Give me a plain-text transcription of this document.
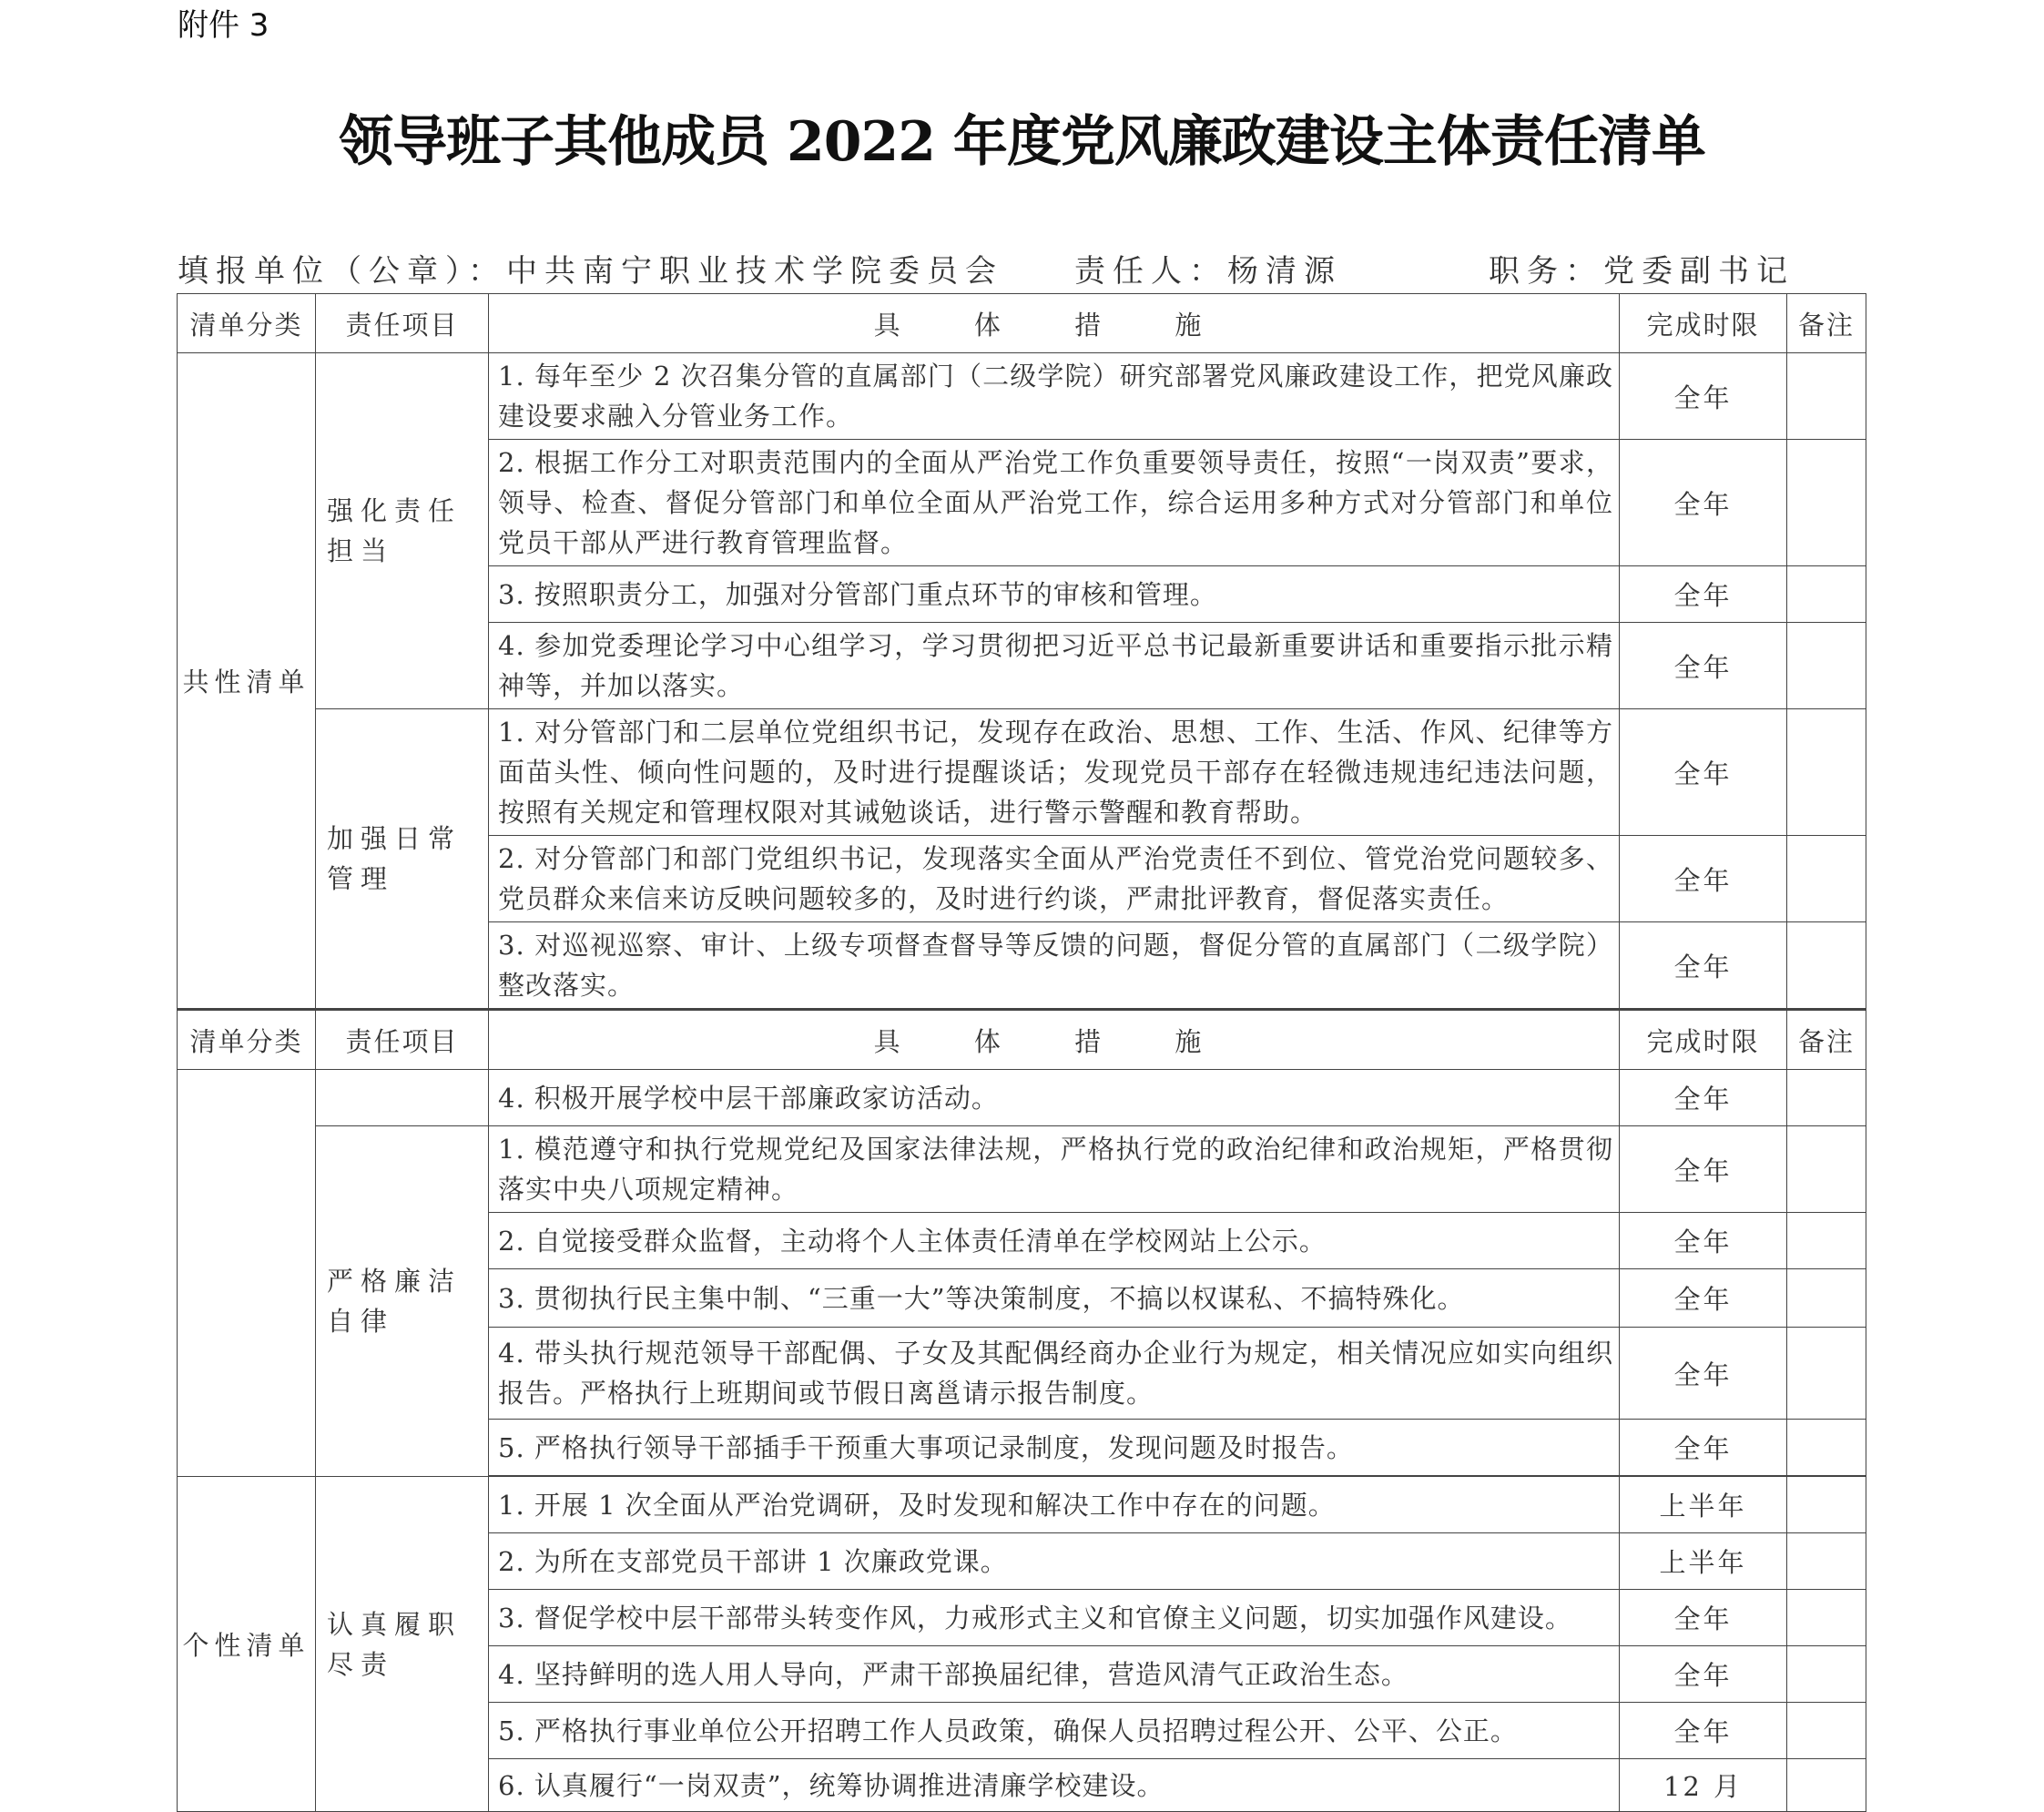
附件 3
领导班子其他成员 2022 年度党风廉政建设主体责任清单
填报单位（公章）：中共南宁职业技术学院委员会 责任人：杨清源	职务：党委副书记
清单分类	责任项目	具 体 措 施	完成时限	备注
共性清单	强化责任担当	1. 每年至少 2 次召集分管的直属部门（二级学院）研究部署党风廉政建设工作，把党风廉政建设要求融入分管业务工作。	全年	
		2. 根据工作分工对职责范围内的全面从严治党工作负重要领导责任，按照“一岗双责”要求，领导、检查、督促分管部门和单位全面从严治党工作，综合运用多种方式对分管部门和单位党员干部从严进行教育管理监督。	全年	
		3. 按照职责分工，加强对分管部门重点环节的审核和管理。	全年	
		4. 参加党委理论学习中心组学习，学习贯彻把习近平总书记最新重要讲话和重要指示批示精神等，并加以落实。	全年	
	加强日常管理	1. 对分管部门和二层单位党组织书记，发现存在政治、思想、工作、生活、作风、纪律等方面苗头性、倾向性问题的，及时进行提醒谈话；发现党员干部存在轻微违规违纪违法问题，按照有关规定和管理权限对其诫勉谈话，进行警示警醒和教育帮助。	全年	
		2. 对分管部门和部门党组织书记，发现落实全面从严治党责任不到位、管党治党问题较多、党员群众来信来访反映问题较多的，及时进行约谈，严肃批评教育，督促落实责任。	全年	
		3. 对巡视巡察、审计、上级专项督查督导等反馈的问题，督促分管的直属部门（二级学院）整改落实。	全年	
清单分类	责任项目	具 体 措 施	完成时限	备注
		4. 积极开展学校中层干部廉政家访活动。	全年	
	严格廉洁自律	1. 模范遵守和执行党规党纪及国家法律法规，严格执行党的政治纪律和政治规矩，严格贯彻落实中央八项规定精神。	全年	
		2. 自觉接受群众监督，主动将个人主体责任清单在学校网站上公示。	全年	
		3. 贯彻执行民主集中制、“三重一大”等决策制度，不搞以权谋私、不搞特殊化。	全年	
		4. 带头执行规范领导干部配偶、子女及其配偶经商办企业行为规定，相关情况应如实向组织报告。严格执行上班期间或节假日离邕请示报告制度。	全年	
		5. 严格执行领导干部插手干预重大事项记录制度，发现问题及时报告。	全年	

个性清单	认真履职尽责	1. 开展 1 次全面从严治党调研，及时发现和解决工作中存在的问题。	上半年	
		2. 为所在支部党员干部讲 1 次廉政党课。	上半年	
		3. 督促学校中层干部带头转变作风，力戒形式主义和官僚主义问题，切实加强作风建设。	全年	
		4. 坚持鲜明的选人用人导向，严肃干部换届纪律，营造风清气正政治生态。	全年	
		5. 严格执行事业单位公开招聘工作人员政策，确保人员招聘过程公开、公平、公正。	全年	
		6. 认真履行“一岗双责”，统筹协调推进清廉学校建设。	12 月	
